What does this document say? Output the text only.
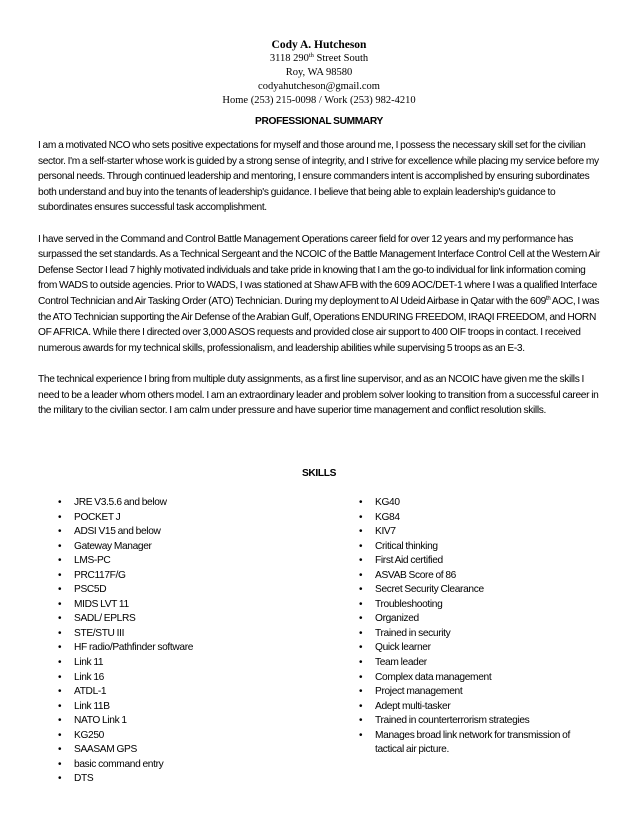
Cody A. Hutcheson
3118 290th Street South
Roy, WA 98580
codyahutcheson@gmail.com
Home (253) 215-0098 / Work (253) 982-4210
PROFESSIONAL SUMMARY

I am a motivated NCO who sets positive expectations for myself and those around me, I possess the necessary skill set for the civilian sector. I'm a self-starter whose work is guided by a strong sense of integrity, and I strive for excellence while placing my service before my personal needs. Through continued leadership and mentoring, I ensure commanders intent is accomplished by ensuring subordinates both understand and buy into the tenants of leadership's guidance. I believe that being able to explain leadership's guidance to subordinates ensures successful task accomplishment.

I have served in the Command and Control Battle Management Operations career field for over 12 years and my performance has surpassed the set standards. As a Technical Sergeant and the NCOIC of the Battle Management Interface Control Cell at the Western Air Defense Sector I lead 7 highly motivated individuals and take pride in knowing that I am the go-to individual for link information coming from WADS to outside agencies. Prior to WADS, I was stationed at Shaw AFB with the 609 AOC/DET-1 where I was a qualified Interface Control Technician and Air Tasking Order (ATO) Technician. During my deployment to Al Udeid Airbase in Qatar with the 609th AOC, I was the ATO Technician supporting the Air Defense of the Arabian Gulf, Operations ENDURING FREEDOM, IRAQI FREEDOM, and HORN OF AFRICA. While there I directed over 3,000 ASOS requests and provided close air support to 400 OIF troops in contact. I received numerous awards for my technical skills, professionalism, and leadership abilities while supervising 5 troops as an E-3.

The technical experience I bring from multiple duty assignments, as a first line supervisor, and as an NCOIC have given me the skills I need to be a leader whom others model. I am an extraordinary leader and problem solver looking to transition from a successful career in the military to the civilian sector. I am calm under pressure and have superior time management and conflict resolution skills.

SKILLS
• JRE V3.5.6 and below
• POCKET J
• ADSI V15 and below
• Gateway Manager
• LMS-PC
• PRC117F/G
• PSC5D
• MIDS LVT 11
• SADL/ EPLRS
• STE/STU III
• HF radio/Pathfinder software
• Link 11
• Link 16
• ATDL-1
• Link 11B
• NATO Link 1
• KG250
• SAASAM GPS
• basic command entry
• DTS
• KG40
• KG84
• KIV7
• Critical thinking
• First Aid certified
• ASVAB Score of 86
• Secret Security Clearance
• Troubleshooting
• Organized
• Trained in security
• Quick learner
• Team leader
• Complex data management
• Project management
• Adept multi-tasker
• Trained in counterterrorism strategies
• Manages broad link network for transmission of tactical air picture.
